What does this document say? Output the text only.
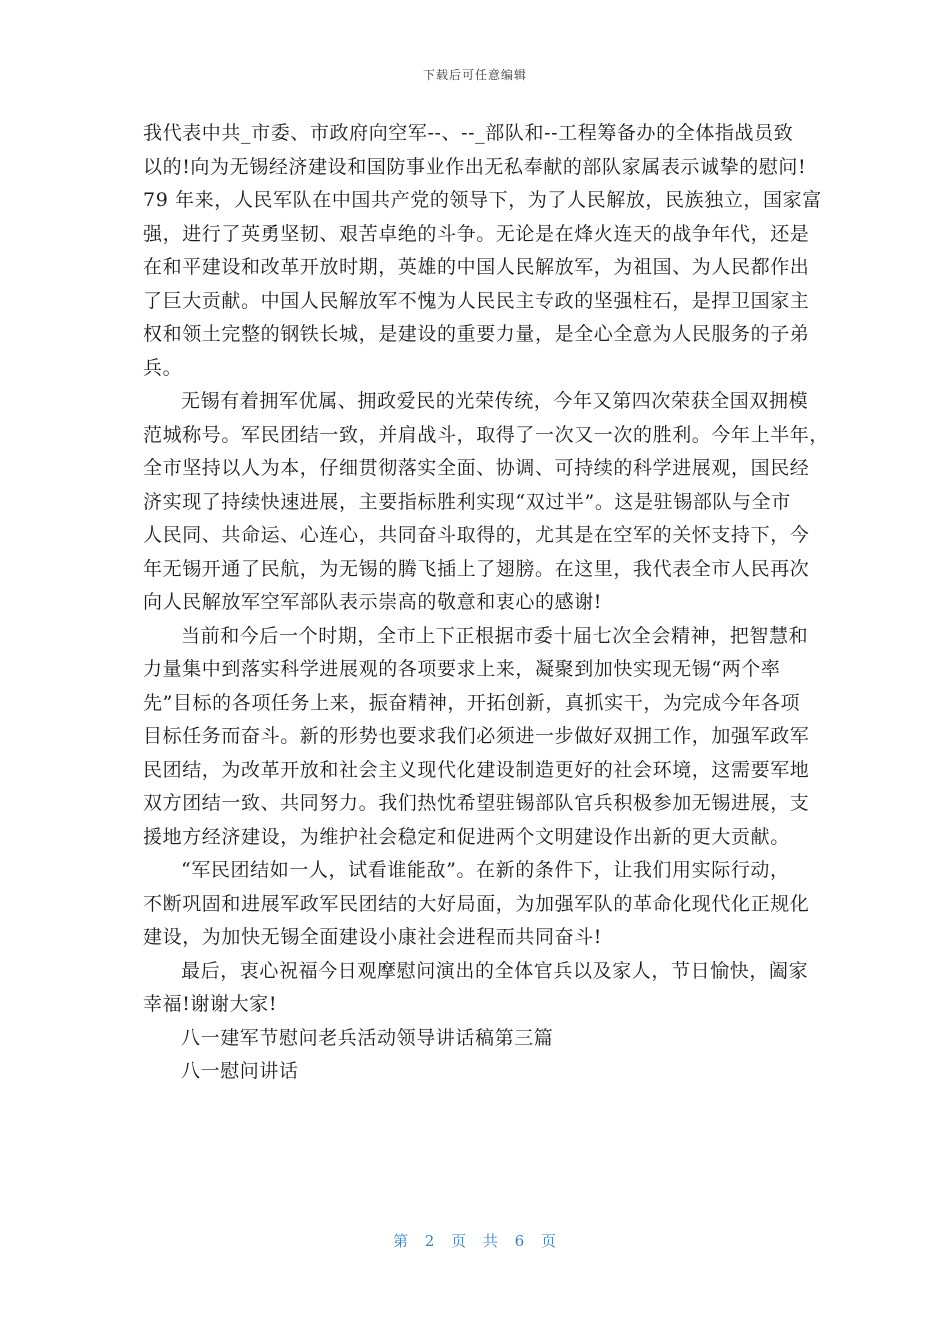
下载后可任意编辑
我代表中共_市委、市政府向空军--、--_部队和--工程筹备办的全体指战员致
以的!向为无锡经济建设和国防事业作出无私奉献的部队家属表示诚挚的慰问!
79 年来，人民军队在中国共产党的领导下，为了人民解放，民族独立，国家富
强，进行了英勇坚韧、艰苦卓绝的斗争。无论是在烽火连天的战争年代，还是
在和平建设和改革开放时期，英雄的中国人民解放军，为祖国、为人民都作出
了巨大贡献。中国人民解放军不愧为人民民主专政的坚强柱石，是捍卫国家主
权和领土完整的钢铁长城，是建设的重要力量，是全心全意为人民服务的子弟
兵。
无锡有着拥军优属、拥政爱民的光荣传统，今年又第四次荣获全国双拥模
范城称号。军民团结一致，并肩战斗，取得了一次又一次的胜利。今年上半年，
全市坚持以人为本，仔细贯彻落实全面、协调、可持续的科学进展观，国民经
济实现了持续快速进展，主要指标胜利实现“双过半”。这是驻锡部队与全市
人民同、共命运、心连心，共同奋斗取得的，尤其是在空军的关怀支持下，今
年无锡开通了民航，为无锡的腾飞插上了翅膀。在这里，我代表全市人民再次
向人民解放军空军部队表示崇高的敬意和衷心的感谢!
当前和今后一个时期，全市上下正根据市委十届七次全会精神，把智慧和
力量集中到落实科学进展观的各项要求上来，凝聚到加快实现无锡“两个率
先”目标的各项任务上来，振奋精神，开拓创新，真抓实干，为完成今年各项
目标任务而奋斗。新的形势也要求我们必须进一步做好双拥工作，加强军政军
民团结，为改革开放和社会主义现代化建设制造更好的社会环境，这需要军地
双方团结一致、共同努力。我们热忱希望驻锡部队官兵积极参加无锡进展，支
援地方经济建设，为维护社会稳定和促进两个文明建设作出新的更大贡献。
“军民团结如一人，试看谁能敌”。在新的条件下，让我们用实际行动，
不断巩固和进展军政军民团结的大好局面，为加强军队的革命化现代化正规化
建设，为加快无锡全面建设小康社会进程而共同奋斗!
最后，衷心祝福今日观摩慰问演出的全体官兵以及家人，节日愉快，阖家
幸福!谢谢大家!
八一建军节慰问老兵活动领导讲话稿第三篇
八一慰问讲话
第 2 页 共 6 页
